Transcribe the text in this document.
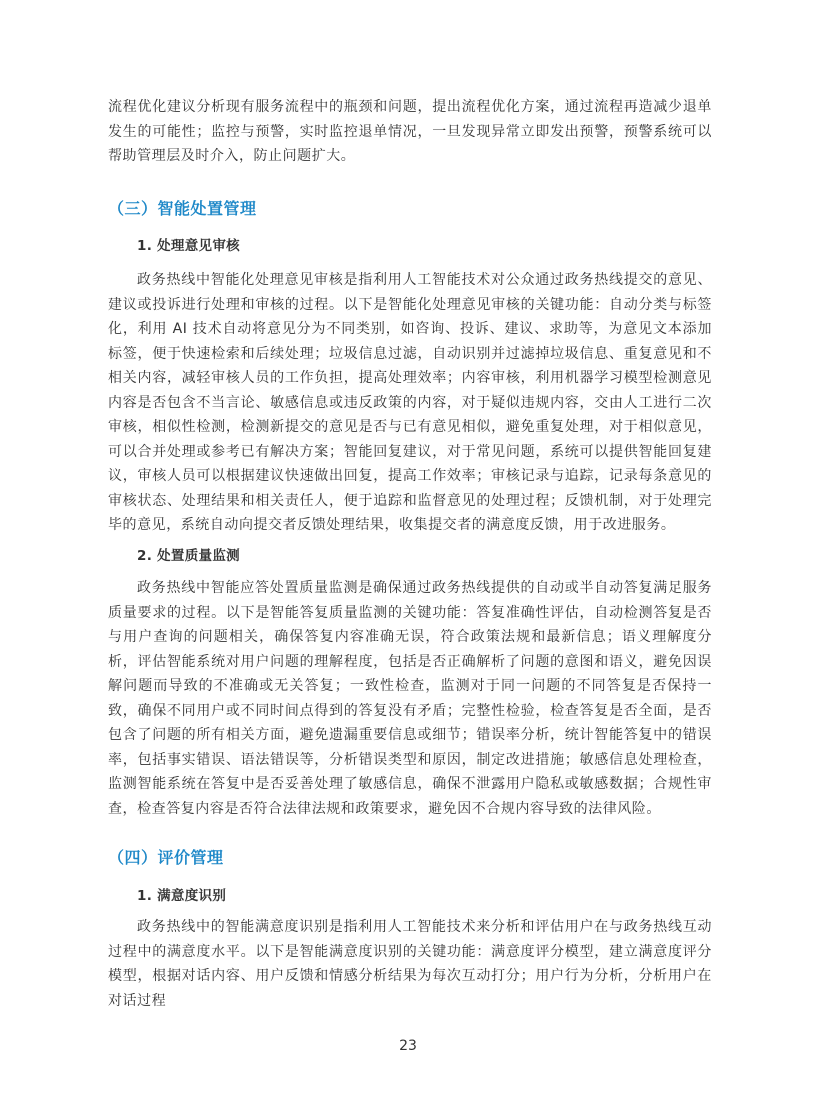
流程优化建议分析现有服务流程中的瓶颈和问题，提出流程优化方案，通过流程再造减少退单发生的可能性；监控与预警，实时监控退单情况，一旦发现异常立即发出预警，预警系统可以帮助管理层及时介入，防止问题扩大。

（三）智能处置管理
1. 处理意见审核

政务热线中智能化处理意见审核是指利用人工智能技术对公众通过政务热线提交的意见、建议或投诉进行处理和审核的过程。以下是智能化处理意见审核的关键功能：自动分类与标签化，利用 AI 技术自动将意见分为不同类别，如咨询、投诉、建议、求助等，为意见文本添加标签，便于快速检索和后续处理；垃圾信息过滤，自动识别并过滤掉垃圾信息、重复意见和不相关内容，减轻审核人员的工作负担，提高处理效率；内容审核，利用机器学习模型检测意见内容是否包含不当言论、敏感信息或违反政策的内容，对于疑似违规内容，交由人工进行二次审核，相似性检测，检测新提交的意见是否与已有意见相似，避免重复处理，对于相似意见，可以合并处理或参考已有解决方案；智能回复建议，对于常见问题，系统可以提供智能回复建议，审核人员可以根据建议快速做出回复，提高工作效率；审核记录与追踪，记录每条意见的审核状态、处理结果和相关责任人，便于追踪和监督意见的处理过程；反馈机制，对于处理完毕的意见，系统自动向提交者反馈处理结果，收集提交者的满意度反馈，用于改进服务。

2. 处置质量监测

政务热线中智能应答处置质量监测是确保通过政务热线提供的自动或半自动答复满足服务质量要求的过程。以下是智能答复质量监测的关键功能：答复准确性评估，自动检测答复是否与用户查询的问题相关，确保答复内容准确无误，符合政策法规和最新信息；语义理解度分析，评估智能系统对用户问题的理解程度，包括是否正确解析了问题的意图和语义，避免因误解问题而导致的不准确或无关答复；一致性检查，监测对于同一问题的不同答复是否保持一致，确保不同用户或不同时间点得到的答复没有矛盾；完整性检验，检查答复是否全面，是否包含了问题的所有相关方面，避免遗漏重要信息或细节；错误率分析，统计智能答复中的错误率，包括事实错误、语法错误等，分析错误类型和原因，制定改进措施；敏感信息处理检查，监测智能系统在答复中是否妥善处理了敏感信息，确保不泄露用户隐私或敏感数据；合规性审查，检查答复内容是否符合法律法规和政策要求，避免因不合规内容导致的法律风险。

（四）评价管理
1. 满意度识别

政务热线中的智能满意度识别是指利用人工智能技术来分析和评估用户在与政务热线互动过程中的满意度水平。以下是智能满意度识别的关键功能：满意度评分模型，建立满意度评分模型，根据对话内容、用户反馈和情感分析结果为每次互动打分；用户行为分析，分析用户在对话过程

23
